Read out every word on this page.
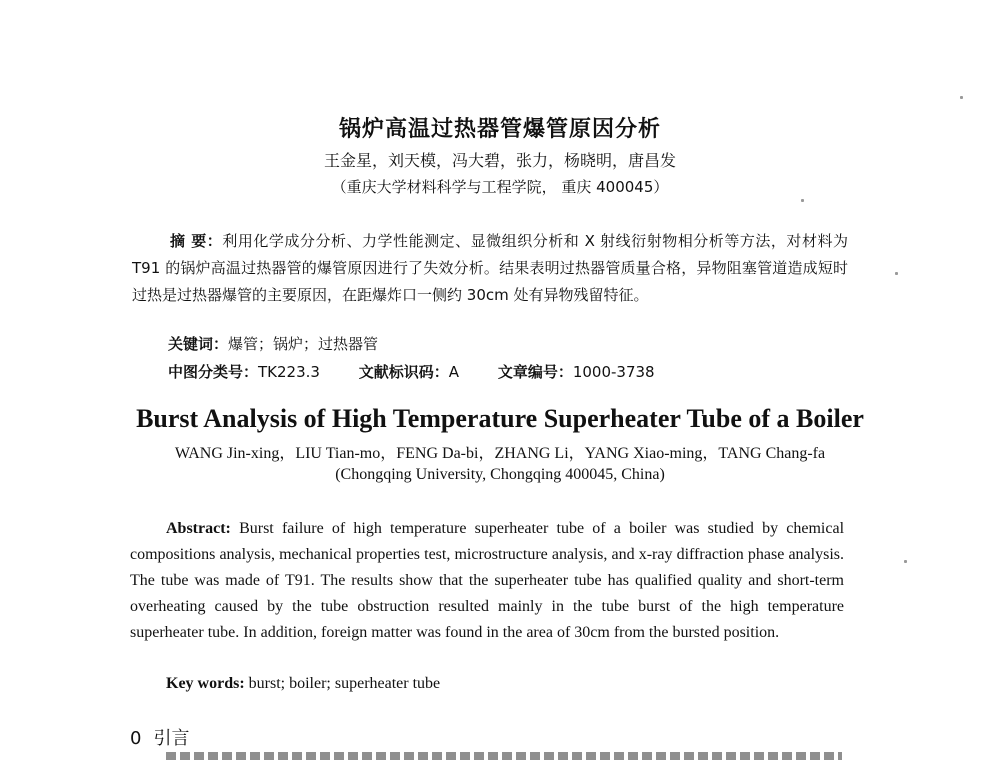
锅炉高温过热器管爆管原因分析
王金星，刘天模，冯大碧，张力，杨晓明，唐昌发
（重庆大学材料科学与工程学院， 重庆 400045）
摘 要：利用化学成分分析、力学性能测定、显微组织分析和 X 射线衍射物相分析等方法，对材料为 T91 的锅炉高温过热器管的爆管原因进行了失效分析。结果表明过热器管质量合格，异物阻塞管道造成短时过热是过热器爆管的主要原因，在距爆炸口一侧约 30cm 处有异物残留特征。
关键词：爆管；锅炉；过热器管
中图分类号：TK223.3	文献标识码：A	文章编号：1000-3738
Burst Analysis of High Temperature Superheater Tube of a Boiler
WANG Jin-xing，LIU Tian-mo，FENG Da-bi，ZHANG Li，YANG Xiao-ming，TANG Chang-fa
(Chongqing University, Chongqing 400045, China)
Abstract: Burst failure of high temperature superheater tube of a boiler was studied by chemical compositions analysis, mechanical properties test, microstructure analysis, and x-ray diffraction phase analysis. The tube was made of T91. The results show that the superheater tube has qualified quality and short-term overheating caused by the tube obstruction resulted mainly in the tube burst of the high temperature superheater tube. In addition, foreign matter was found in the area of 30cm from the bursted position.
Key words: burst; boiler; superheater tube
0 引言
